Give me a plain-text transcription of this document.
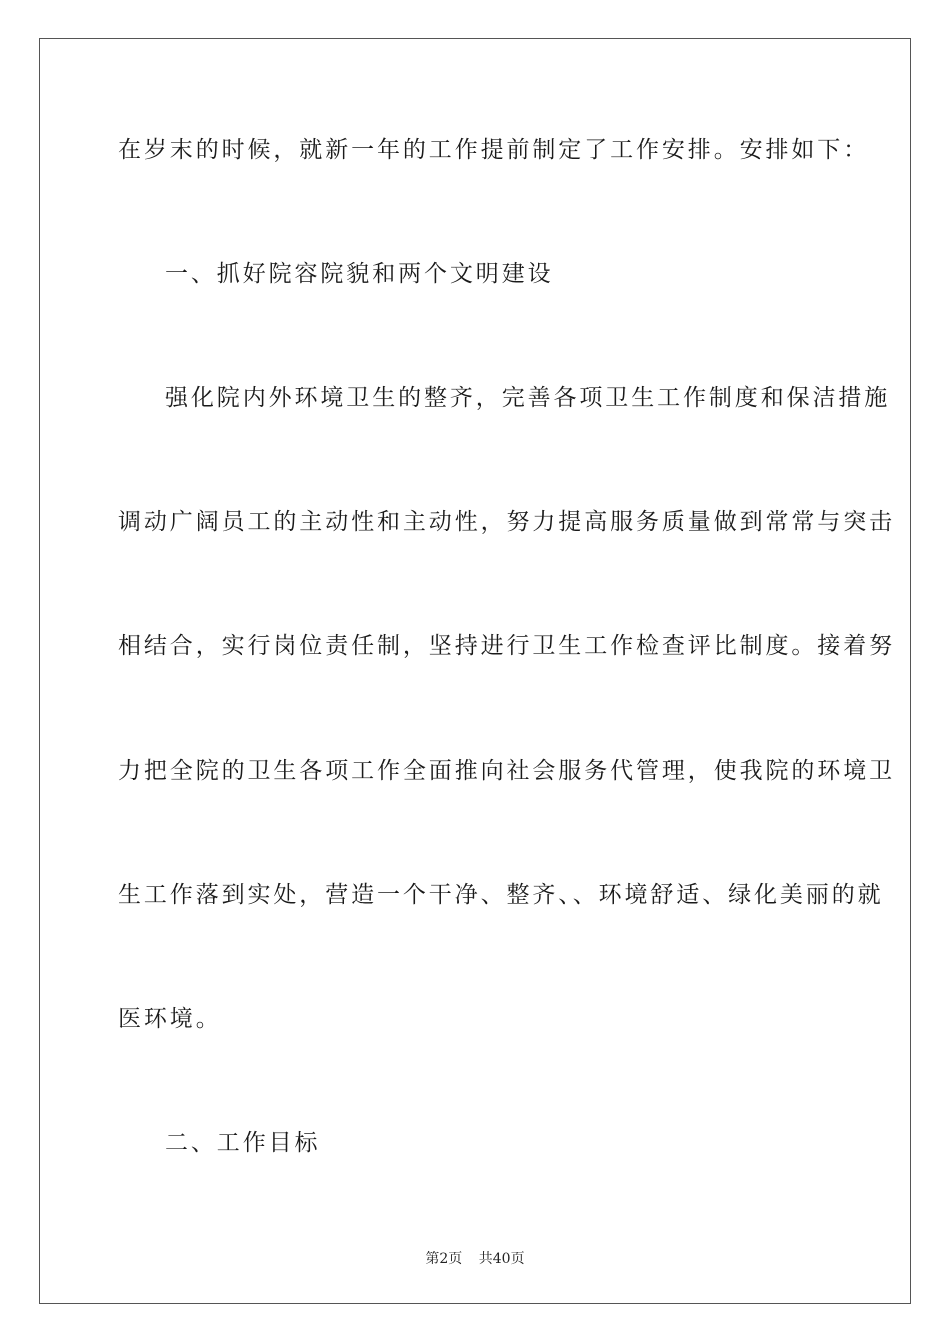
在岁末的时候，就新一年的工作提前制定了工作安排。安排如下：
一、抓好院容院貌和两个文明建设
强化院内外环境卫生的整齐，完善各项卫生工作制度和保洁措施
调动广阔员工的主动性和主动性，努力提高服务质量做到常常与突击
相结合，实行岗位责任制，坚持进行卫生工作检查评比制度。接着努
力把全院的卫生各项工作全面推向社会服务代管理，使我院的环境卫
生工作落到实处，营造一个干净、整齐、、环境舒适、绿化美丽的就
医环境。
二、工作目标
第2页 共40页
